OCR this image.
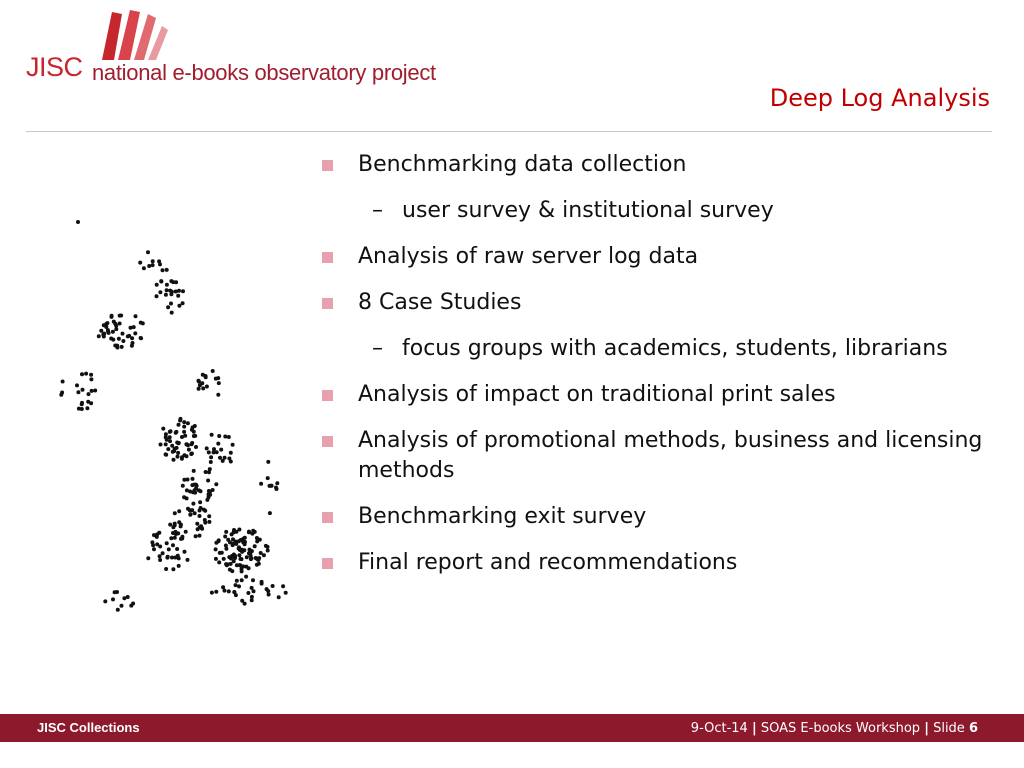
JISC national e-books observatory project
Deep Log Analysis
Benchmarking data collection
– user survey & institutional survey
Analysis of raw server log data
8 Case Studies
– focus groups with academics, students, librarians
Analysis of impact on traditional print sales
Analysis of promotional methods, business and licensing methods
Benchmarking exit survey
Final report and recommendations
JISC Collections	9-Oct-14 | SOAS E-books Workshop | Slide 6
